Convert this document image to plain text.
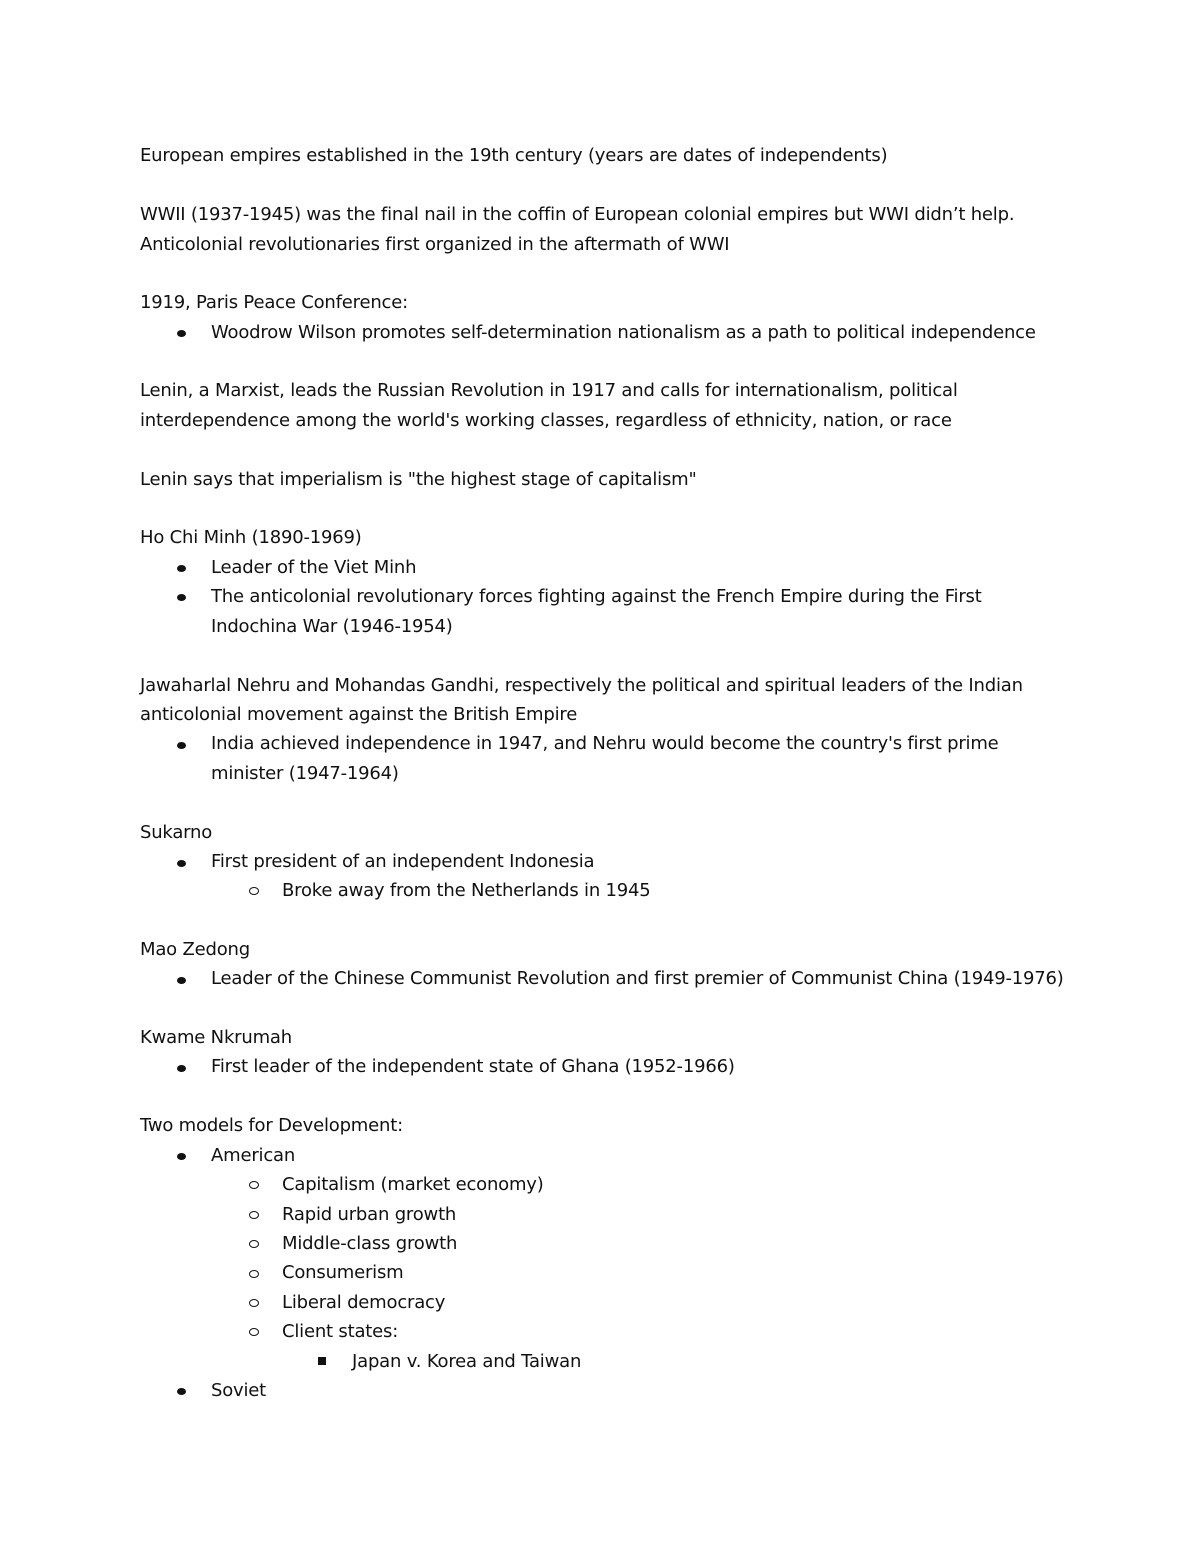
European empires established in the 19th century (years are dates of independents)
WWII (1937-1945) was the final nail in the coffin of European colonial empires but WWI didn’t help.
Anticolonial revolutionaries first organized in the aftermath of WWI
1919, Paris Peace Conference:
Woodrow Wilson promotes self-determination nationalism as a path to political independence
Lenin, a Marxist, leads the Russian Revolution in 1917 and calls for internationalism, political
interdependence among the world's working classes, regardless of ethnicity, nation, or race
Lenin says that imperialism is "the highest stage of capitalism"
Ho Chi Minh (1890-1969)
Leader of the Viet Minh
The anticolonial revolutionary forces fighting against the French Empire during the First
Indochina War (1946-1954)
Jawaharlal Nehru and Mohandas Gandhi, respectively the political and spiritual leaders of the Indian
anticolonial movement against the British Empire
India achieved independence in 1947, and Nehru would become the country's first prime
minister (1947-1964)
Sukarno
First president of an independent Indonesia
Broke away from the Netherlands in 1945
Mao Zedong
Leader of the Chinese Communist Revolution and first premier of Communist China (1949-1976)
Kwame Nkrumah
First leader of the independent state of Ghana (1952-1966)
Two models for Development:
American
Capitalism (market economy)
Rapid urban growth
Middle-class growth
Consumerism
Liberal democracy
Client states:
Japan v. Korea and Taiwan
Soviet
